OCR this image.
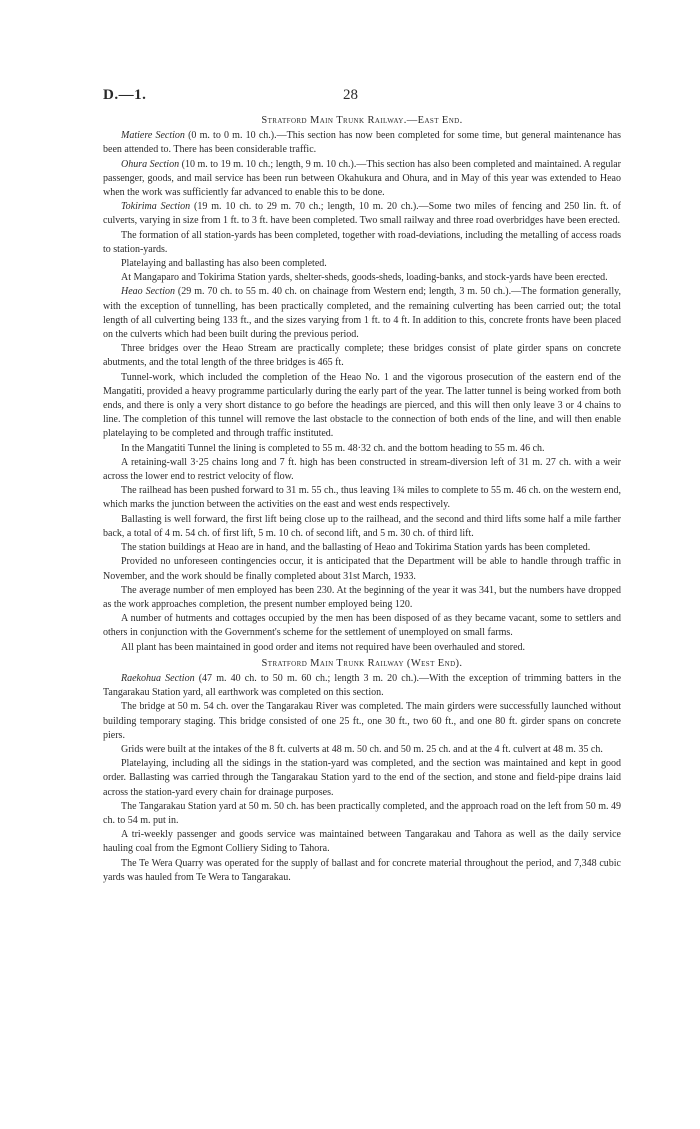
D.—1.	28
Stratford Main Trunk Railway.—East End.

Matiere Section (0 m. to 0 m. 10 ch.).—This section has now been completed for some time, but general maintenance has been attended to. There has been considerable traffic.

Ohura Section (10 m. to 19 m. 10 ch.; length, 9 m. 10 ch.).—This section has also been completed and maintained. A regular passenger, goods, and mail service has been run between Okahukura and Ohura, and in May of this year was extended to Heao when the work was sufficiently far advanced to enable this to be done.

Tokirima Section (19 m. 10 ch. to 29 m. 70 ch.; length, 10 m. 20 ch.).—Some two miles of fencing and 250 lin. ft. of culverts, varying in size from 1 ft. to 3 ft. have been completed. Two small railway and three road overbridges have been erected.

The formation of all station-yards has been completed, together with road-deviations, including the metalling of access roads to station-yards.

Platelaying and ballasting has also been completed.

At Mangaparo and Tokirima Station yards, shelter-sheds, goods-sheds, loading-banks, and stock-yards have been erected.

Heao Section (29 m. 70 ch. to 55 m. 40 ch. on chainage from Western end; length, 3 m. 50 ch.).—The formation generally, with the exception of tunnelling, has been practically completed, and the remaining culverting has been carried out; the total length of all culverting being 133 ft., and the sizes varying from 1 ft. to 4 ft. In addition to this, concrete fronts have been placed on the culverts which had been built during the previous period.

Three bridges over the Heao Stream are practically complete; these bridges consist of plate girder spans on concrete abutments, and the total length of the three bridges is 465 ft.

Tunnel-work, which included the completion of the Heao No. 1 and the vigorous prosecution of the eastern end of the Mangatiti, provided a heavy programme particularly during the early part of the year. The latter tunnel is being worked from both ends, and there is only a very short distance to go before the headings are pierced, and this will then only leave 3 or 4 chains to line. The completion of this tunnel will remove the last obstacle to the connection of both ends of the line, and will then enable platelaying to be completed and through traffic instituted.

In the Mangatiti Tunnel the lining is completed to 55 m. 48·32 ch. and the bottom heading to 55 m. 46 ch.

A retaining-wall 3·25 chains long and 7 ft. high has been constructed in stream-diversion left of 31 m. 27 ch. with a weir across the lower end to restrict velocity of flow.

The railhead has been pushed forward to 31 m. 55 ch., thus leaving 1¾ miles to complete to 55 m. 46 ch. on the western end, which marks the junction between the activities on the east and west ends respectively.

Ballasting is well forward, the first lift being close up to the railhead, and the second and third lifts some half a mile farther back, a total of 4 m. 54 ch. of first lift, 5 m. 10 ch. of second lift, and 5 m. 30 ch. of third lift.

The station buildings at Heao are in hand, and the ballasting of Heao and Tokirima Station yards has been completed.

Provided no unforeseen contingencies occur, it is anticipated that the Department will be able to handle through traffic in November, and the work should be finally completed about 31st March, 1933.

The average number of men employed has been 230. At the beginning of the year it was 341, but the numbers have dropped as the work approaches completion, the present number employed being 120.

A number of hutments and cottages occupied by the men has been disposed of as they became vacant, some to settlers and others in conjunction with the Government's scheme for the settlement of unemployed on small farms.

All plant has been maintained in good order and items not required have been overhauled and stored.

Stratford Main Trunk Railway (West End).

Raekohua Section (47 m. 40 ch. to 50 m. 60 ch.; length 3 m. 20 ch.).—With the exception of trimming batters in the Tangarakau Station yard, all earthwork was completed on this section.

The bridge at 50 m. 54 ch. over the Tangarakau River was completed. The main girders were successfully launched without building temporary staging. This bridge consisted of one 25 ft., one 30 ft., two 60 ft., and one 80 ft. girder spans on concrete piers.

Grids were built at the intakes of the 8 ft. culverts at 48 m. 50 ch. and 50 m. 25 ch. and at the 4 ft. culvert at 48 m. 35 ch.

Platelaying, including all the sidings in the station-yard was completed, and the section was maintained and kept in good order. Ballasting was carried through the Tangarakau Station yard to the end of the section, and stone and field-pipe drains laid across the station-yard every chain for drainage purposes.

The Tangarakau Station yard at 50 m. 50 ch. has been practically completed, and the approach road on the left from 50 m. 49 ch. to 54 m. put in.

A tri-weekly passenger and goods service was maintained between Tangarakau and Tahora as well as the daily service hauling coal from the Egmont Colliery Siding to Tahora.

The Te Wera Quarry was operated for the supply of ballast and for concrete material throughout the period, and 7,348 cubic yards was hauled from Te Wera to Tangarakau.
